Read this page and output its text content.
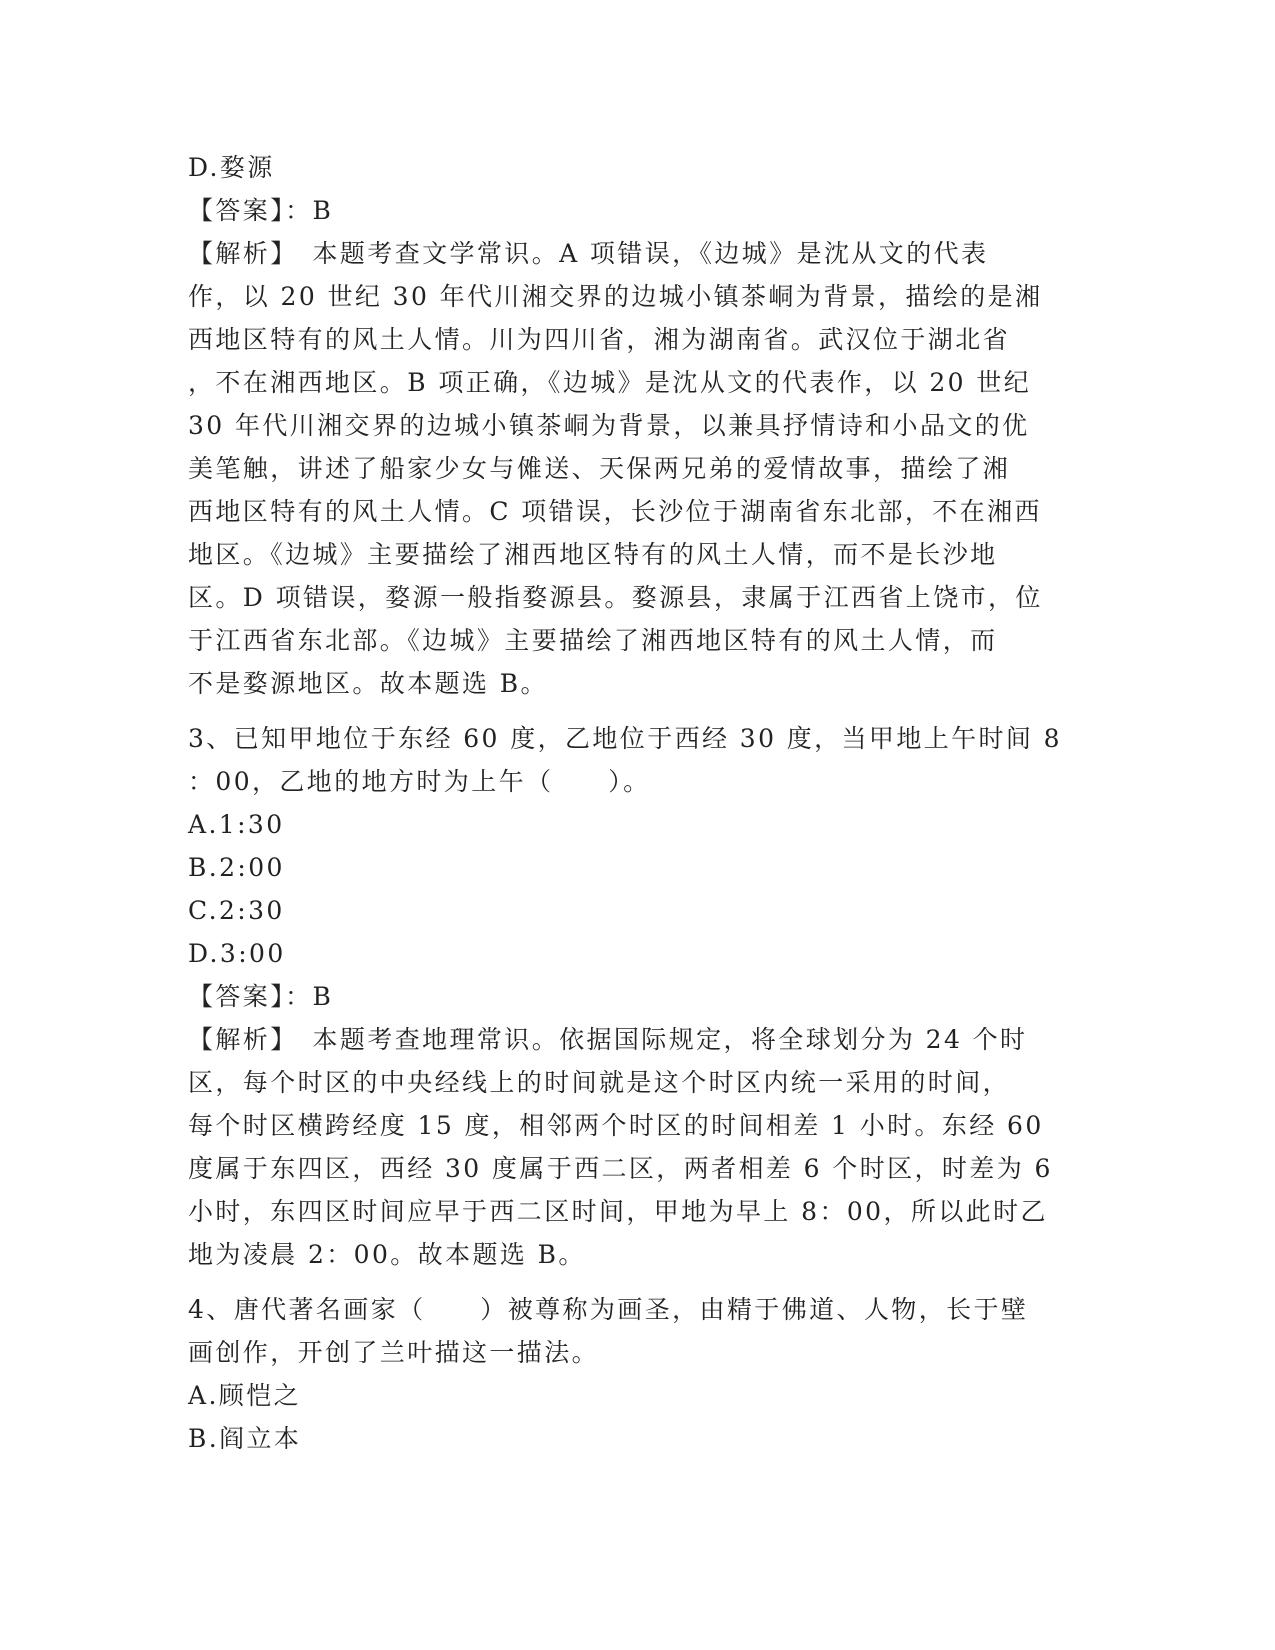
D.婺源
【答案】：B
【解析】　本题考查文学常识。A 项错误，《边城》是沈从文的代表
作，以 20 世纪 30 年代川湘交界的边城小镇茶峒为背景，描绘的是湘
西地区特有的风土人情。川为四川省，湘为湖南省。武汉位于湖北省
，不在湘西地区。B 项正确，《边城》是沈从文的代表作，以 20 世纪
30 年代川湘交界的边城小镇茶峒为背景，以兼具抒情诗和小品文的优
美笔触，讲述了船家少女与傩送、天保两兄弟的爱情故事，描绘了湘
西地区特有的风土人情。C 项错误，长沙位于湖南省东北部，不在湘西
地区。《边城》主要描绘了湘西地区特有的风土人情，而不是长沙地
区。D 项错误，婺源一般指婺源县。婺源县，隶属于江西省上饶市，位
于江西省东北部。《边城》主要描绘了湘西地区特有的风土人情，而
不是婺源地区。故本题选 B。
3、已知甲地位于东经 60 度，乙地位于西经 30 度，当甲地上午时间 8
：00，乙地的地方时为上午（　　）。
A.1:30
B.2:00
C.2:30
D.3:00
【答案】：B
【解析】　本题考查地理常识。依据国际规定，将全球划分为 24 个时
区，每个时区的中央经线上的时间就是这个时区内统一采用的时间，
每个时区横跨经度 15 度，相邻两个时区的时间相差 1 小时。东经 60
度属于东四区，西经 30 度属于西二区，两者相差 6 个时区，时差为 6
小时，东四区时间应早于西二区时间，甲地为早上 8：00，所以此时乙
地为凌晨 2：00。故本题选 B。
4、唐代著名画家（　　）被尊称为画圣，由精于佛道、人物，长于壁
画创作，开创了兰叶描这一描法。
A.顾恺之
B.阎立本
